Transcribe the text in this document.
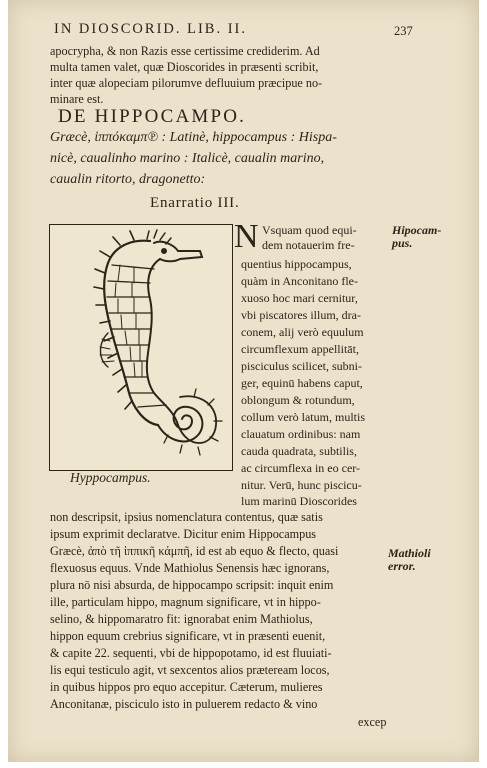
IN DIOSCORID. LIB. II.	237
apocrypha, & non Razis esse certissime crediderim. Ad
multa tamen valet, quæ Dioscorides in præsenti scribit,
inter quæ alopeciam pilorumve defluuium præcipue no-
minare est.
DE HIPPOCAMPO.
Græcè, ἱππόκαμπ℗ : Latinè, hippocampus : Hispa-
nicè, caualinho marino : Italicè, caualin marino,
caualin ritorto, dragonetto:
Enarratio III.
N Vsquam quod equi-
dem notauerim fre-
quentius hippocampus,
quàm in Anconitano fle-
xuoso hoc mari cernitur,
vbi piscatores illum, dra-
conem, alij verò equulum
circumflexum appellitāt,
pisciculus scilicet, subni-
ger, equinū habens caput,
oblongum & rotundum,
collum verò latum, multis
clauatum ordinibus: nam
cauda quadrata, subtilis,
ac circumflexa in eo cer-
nitur. Verū, hunc piscicu-
lum marinū Dioscorides
Hyppocampus.
non descripsit, ipsius nomenclatura contentus, quæ satis
ipsum exprimit declaratve. Dicitur enim Hippocampus
Græcè, ἀπὸ τῆ ἱππικῆ κάμπῆ, id est ab equo & flecto, quasi
flexuosus equus. Vnde Mathiolus Senensis hæc ignorans,
plura nō nisi absurda, de hippocampo scripsit: inquit enim
ille, particulam hippo, magnum significare, vt in hippo-
selino, & hippomaratro fit: ignorabat enim Mathiolus,
hippon equum crebrius significare, vt in præsenti euenit,
& capite 22. sequenti, vbi de hippopotamo, id est fluuiati-
lis equi testiculo agit, vt sexcentos alios præteream locos,
in quibus hippos pro equo accepitur. Cæterum, mulieres
Anconitanæ, pisciculo isto in puluerem redacto & vino
excep
Hipocam-
pus.
Mathioli
error.
